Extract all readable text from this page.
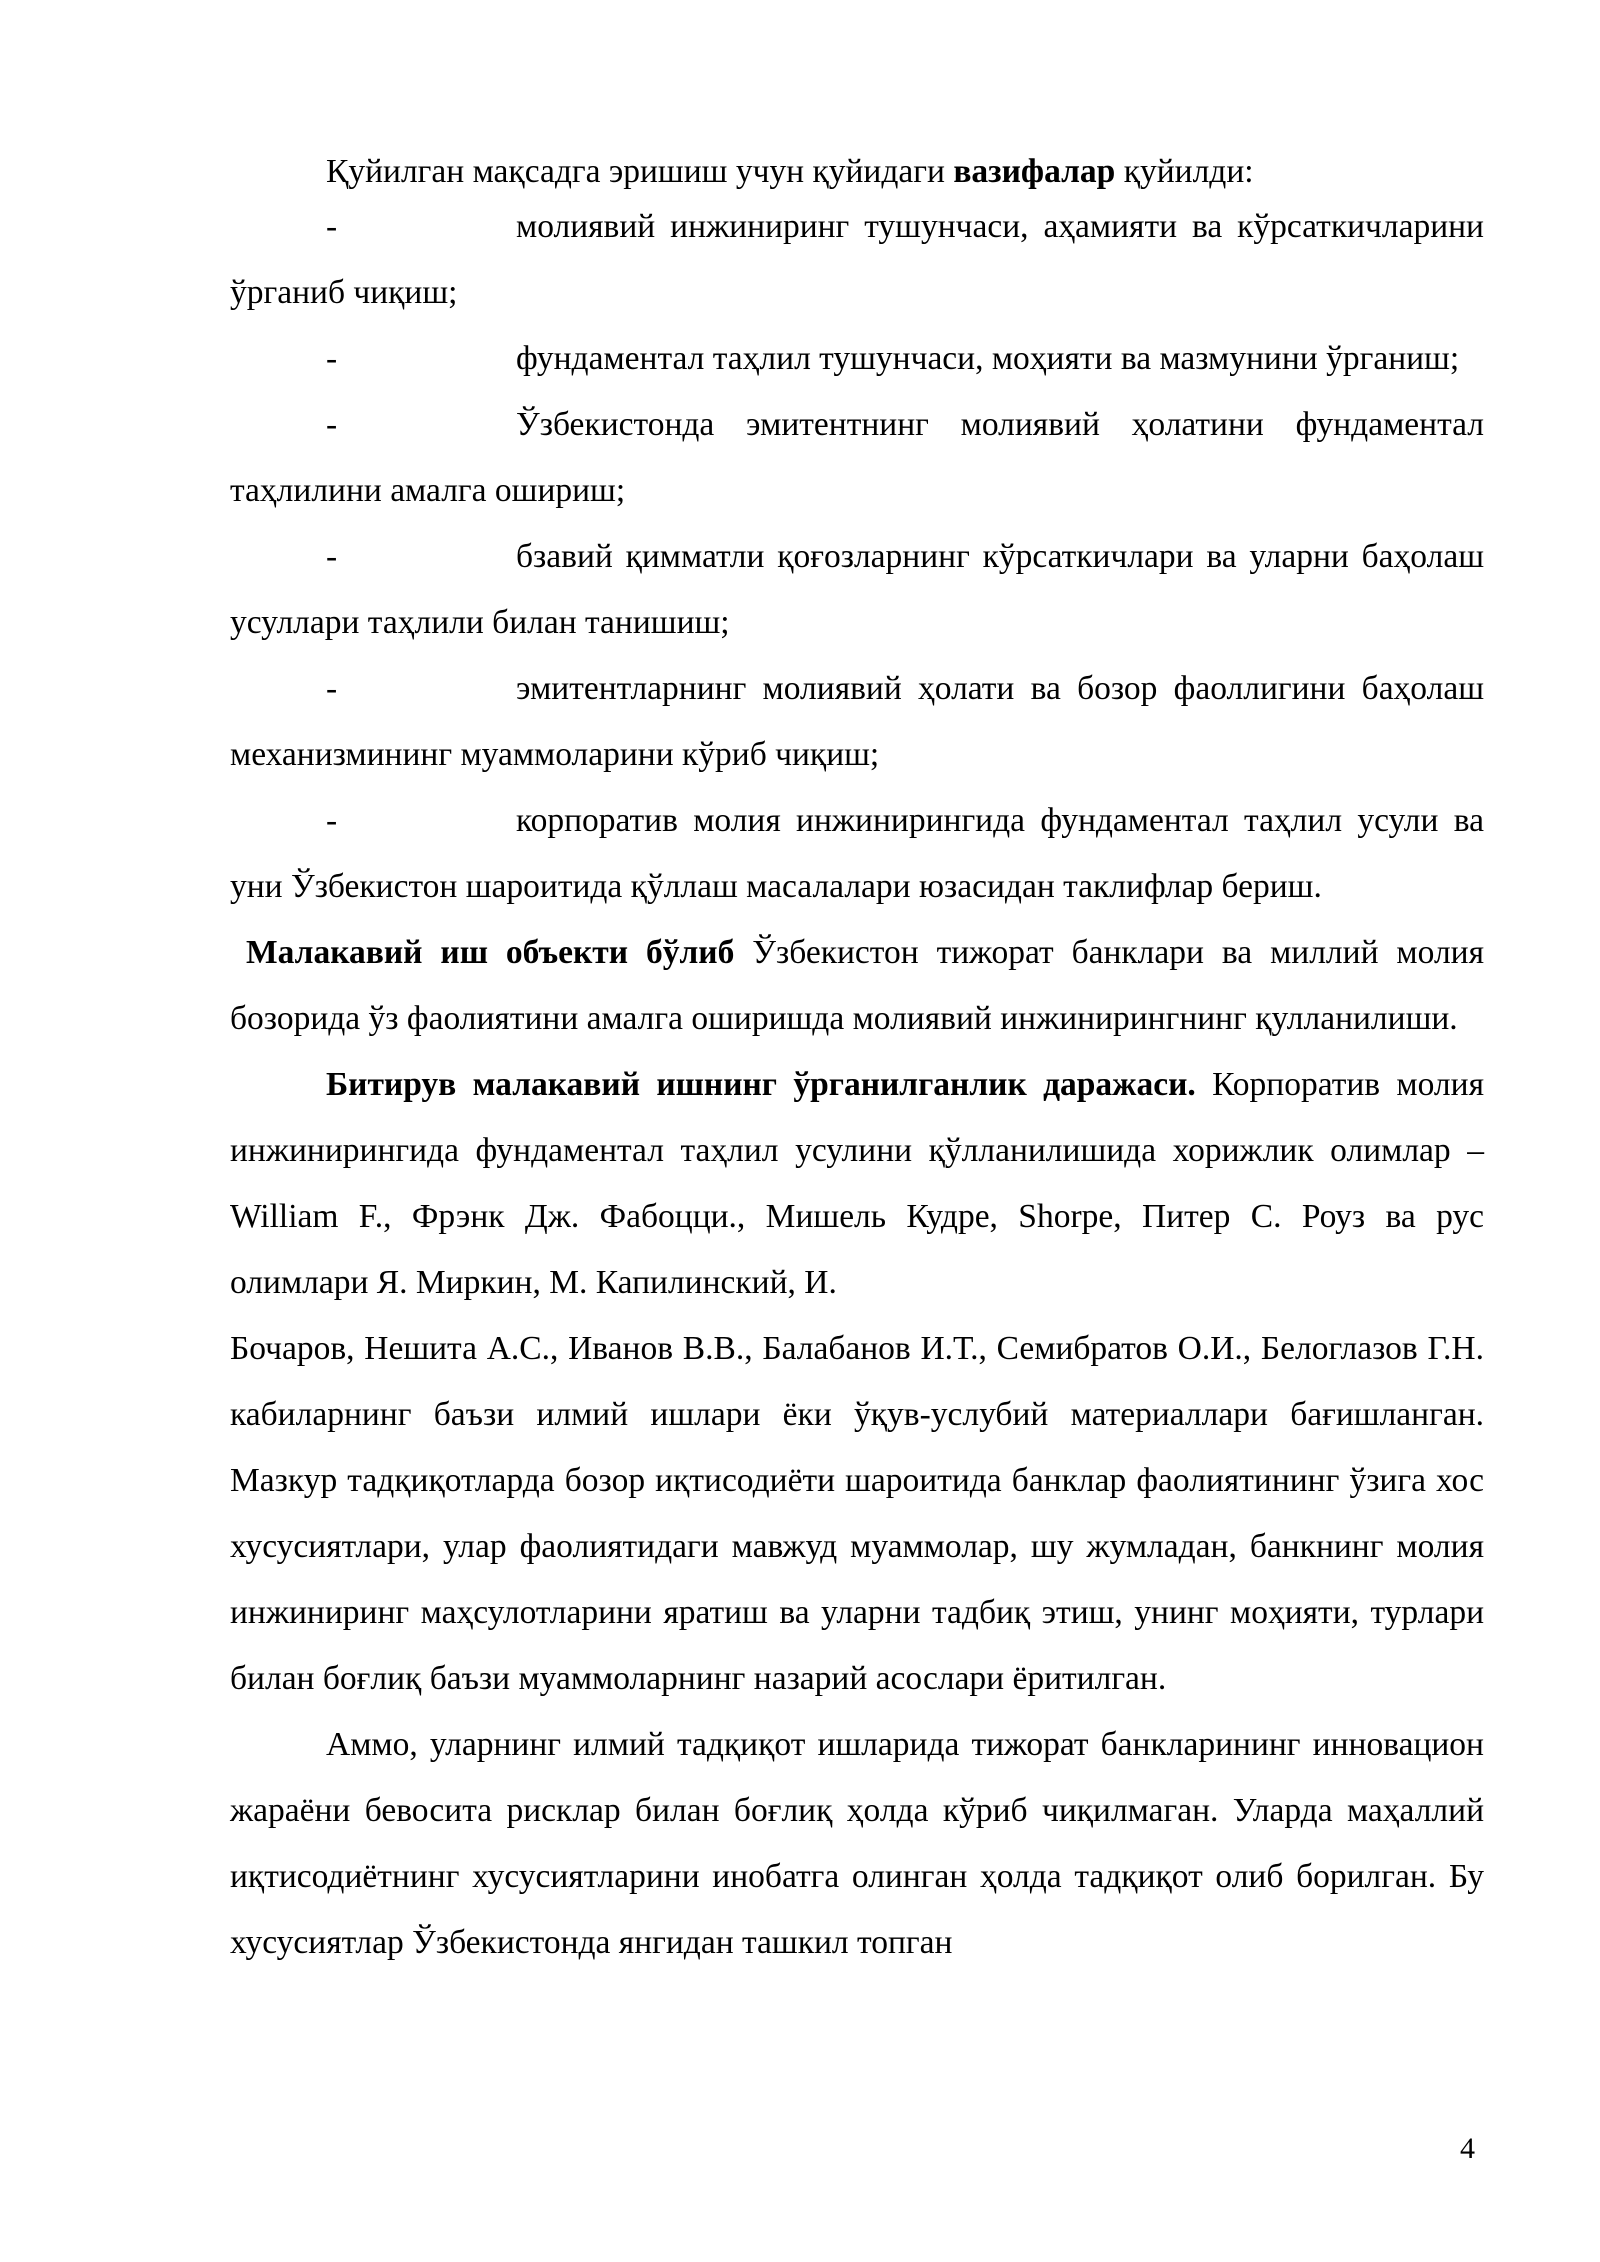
Қуйилган мақсадга эришиш учун қуйидаги вазифалар қуйилди:

-	молиявий инжиниринг тушунчаси, аҳамияти ва кўрсаткичларини ўрганиб чиқиш;

-	фундаментал таҳлил тушунчаси, моҳияти ва мазмунини ўрганиш;

-	Ўзбекистонда эмитентнинг молиявий ҳолатини фундаментал таҳлилини амалга ошириш;

-	бзавий қимматли қоғозларнинг кўрсаткичлари ва уларни баҳолаш усуллари таҳлили билан танишиш;

-	эмитентларнинг молиявий ҳолати ва бозор фаоллигини баҳолаш механизмининг муаммоларини кўриб чиқиш;

-	корпоратив молия инжинирингида фундаментал таҳлил усули ва уни Ўзбекистон шароитида қўллаш масалалари юзасидан таклифлар бериш.

Малакавий иш объекти бўлиб Ўзбекистон тижорат банклари ва миллий молия бозорида ўз фаолиятини амалга оширишда молиявий инжинирингнинг қулланилиши.

Битирув малакавий ишнинг ўрганилганлик даражаси. Корпоратив молия инжинирингида фундаментал таҳлил усулини қўлланилишида хорижлик олимлар – William F., Фрэнк Дж. Фабоцци., Мишель Кудре, Shorpe, Питер С. Роуз ва рус олимлари Я. Миркин, М. Капилинский, И.

Бочаров, Нешита А.С., Иванов В.В., Балабанов И.Т., Семибратов О.И., Белоглазов Г.Н. кабиларнинг баъзи илмий ишлари ёки ўқув-услубий материаллари бағишланган. Мазкур тадқиқотларда бозор иқтисодиёти шароитида банклар фаолиятининг ўзига хос хусусиятлари, улар фаолиятидаги мавжуд муаммолар, шу жумладан, банкнинг молия инжиниринг маҳсулотларини яратиш ва уларни тадбиқ этиш, унинг моҳияти, турлари билан боғлиқ баъзи муаммоларнинг назарий асослари ёритилган.

Аммо, уларнинг илмий тадқиқот ишларида тижорат банкларининг инновацион жараёни бевосита рисклар билан боғлиқ ҳолда кўриб чиқилмаган. Уларда маҳаллий иқтисодиётнинг хусусиятларини инобатга олинган ҳолда тадқиқот олиб борилган. Бу хусусиятлар Ўзбекистонда янгидан ташкил топган

4
